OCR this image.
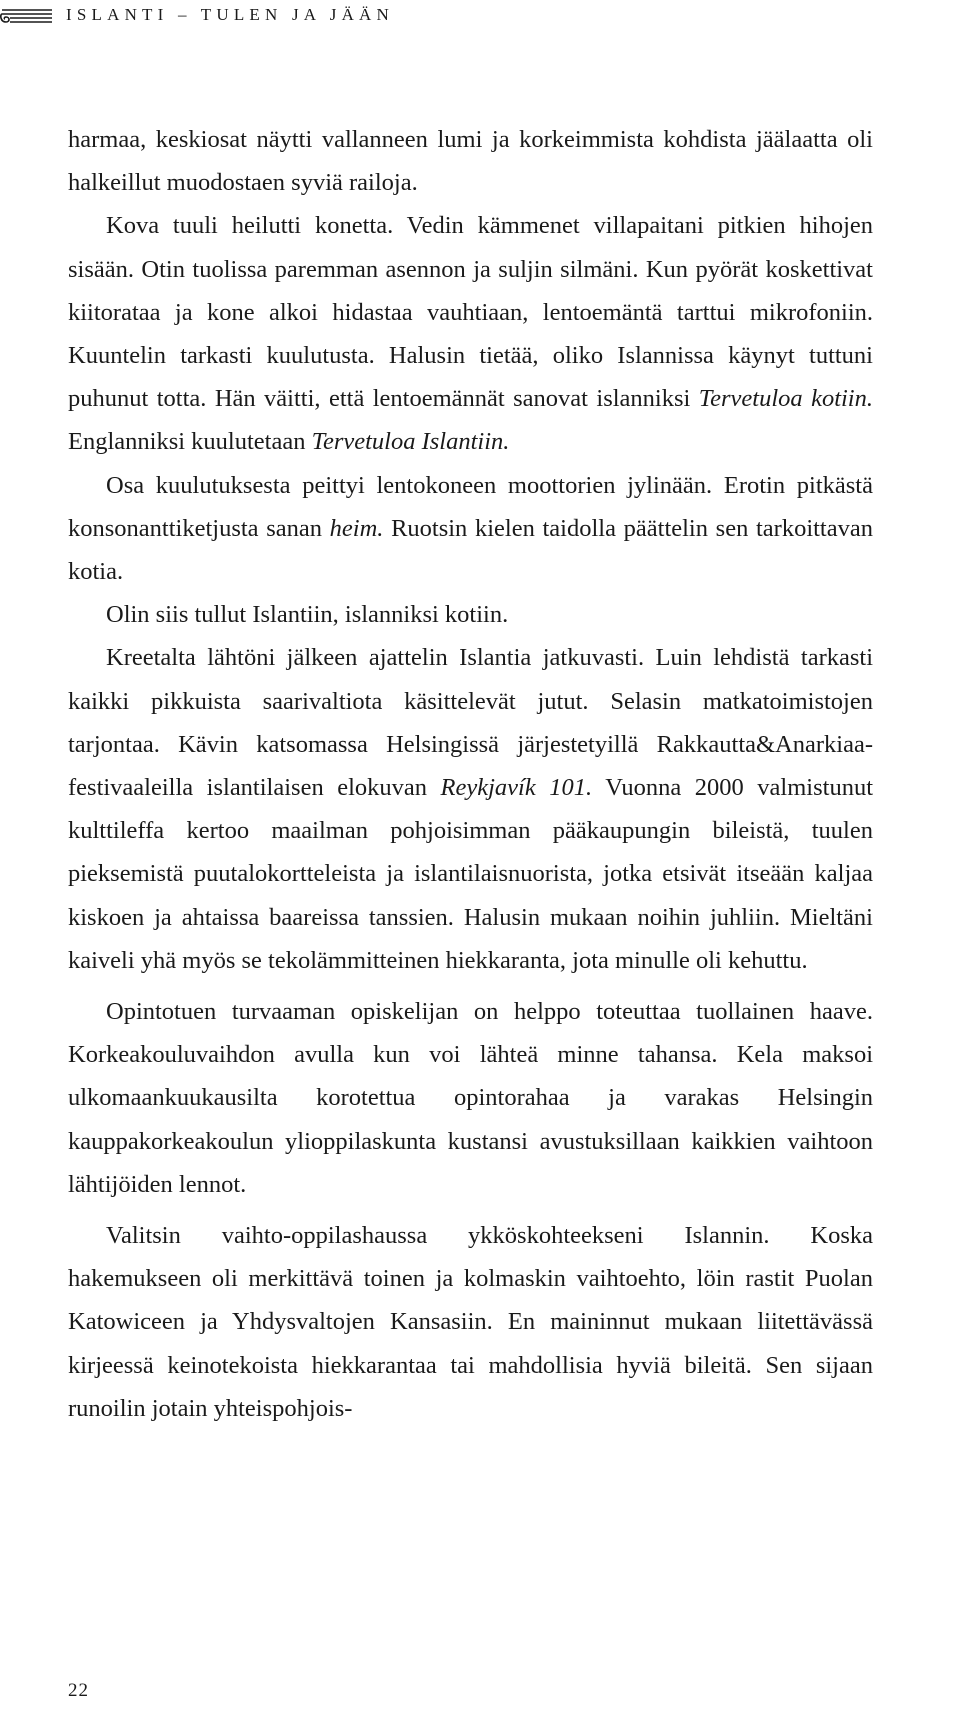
ISLANTI – TULEN JA JÄÄN

harmaa, keskiosat näytti vallanneen lumi ja korkeimmista kohdista jäälaatta oli halkeillut muodostaen syviä railoja.

Kova tuuli heilutti konetta. Vedin kämmenet villapaitani pitkien hihojen sisään. Otin tuolissa paremman asennon ja suljin silmäni. Kun pyörät koskettivat kiitorataa ja kone alkoi hidastaa vauhtiaan, lentoemäntä tarttui mikrofoniin. Kuuntelin tarkasti kuulutusta. Halusin tietää, oliko Islannissa käynyt tuttuni puhunut totta. Hän väitti, että lentoemännät sanovat islanniksi Tervetuloa kotiin. Englanniksi kuulutetaan Tervetuloa Islantiin.

Osa kuulutuksesta peittyi lentokoneen moottorien jylinään. Erotin pitkästä konsonanttiketjusta sanan heim. Ruotsin kielen taidolla päättelin sen tarkoittavan kotia.

Olin siis tullut Islantiin, islanniksi kotiin.

Kreetalta lähtöni jälkeen ajattelin Islantia jatkuvasti. Luin lehdistä tarkasti kaikki pikkuista saarivaltiota käsittelevät jutut. Selasin matkatoimistojen tarjontaa. Kävin katsomassa Helsingissä järjestetyillä Rakkautta&Anarkiaa-festivaaleilla islantilaisen elokuvan Reykjavík 101. Vuonna 2000 valmistunut kulttileffa kertoo maailman pohjoisimman pääkaupungin bileistä, tuulen pieksemistä puutalokortteleista ja islantilaisnuorista, jotka etsivät itseään kaljaa kiskoen ja ahtaissa baareissa tanssien. Halusin mukaan noihin juhliin. Mieltäni kaiveli yhä myös se tekolämmitteinen hiekkaranta, jota minulle oli kehuttu.

Opintotuen turvaaman opiskelijan on helppo toteuttaa tuollainen haave. Korkeakouluvaihdon avulla kun voi lähteä minne tahansa. Kela maksoi ulkomaankuukausilta korotettua opintorahaa ja varakas Helsingin kauppakorkeakoulun ylioppilaskunta kustansi avustuksillaan kaikkien vaihtoon lähtijöiden lennot.

Valitsin vaihto-oppilashaussa ykköskohteekseni Islannin. Koska hakemukseen oli merkittävä toinen ja kolmaskin vaihtoehto, löin rastit Puolan Katowiceen ja Yhdysvaltojen Kansasiin. En maininnut mukaan liitettävässä kirjeessä keinotekoista hiekkarantaa tai mahdollisia hyviä bileitä. Sen sijaan runoilin jotain yhteispohjois-

22
